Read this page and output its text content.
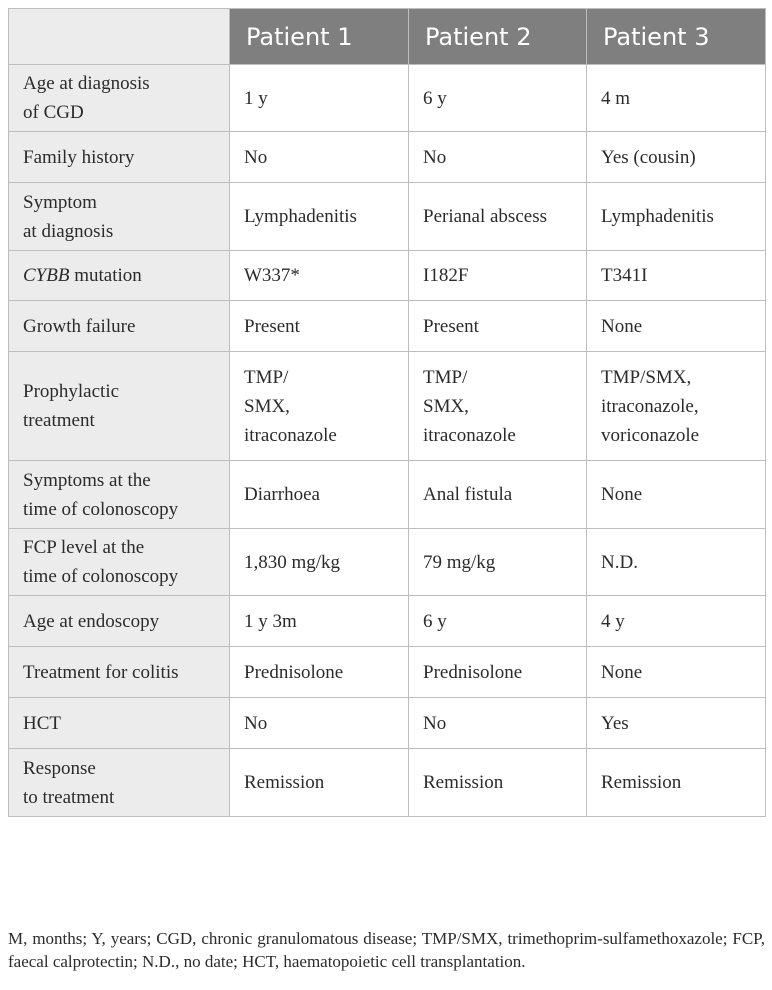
	Patient 1	Patient 2	Patient 3
Age at diagnosis
of CGD	1 y	6 y	4 m
Family history	No	No	Yes (cousin)
Symptom
at diagnosis	Lymphadenitis	Perianal abscess	Lymphadenitis
CYBB mutation	W337*	I182F	T341I
Growth failure	Present	Present	None
Prophylactic
treatment	TMP/
SMX,
itraconazole	TMP/
SMX,
itraconazole	TMP/SMX,
itraconazole,
voriconazole
Symptoms at the
time of colonoscopy	Diarrhoea	Anal fistula	None
FCP level at the
time of colonoscopy	1,830 mg/kg	79 mg/kg	N.D.
Age at endoscopy	1 y 3m	6 y	4 y
Treatment for colitis	Prednisolone	Prednisolone	None
HCT	No	No	Yes
Response
to treatment	Remission	Remission	Remission

M, months; Y, years; CGD, chronic granulomatous disease; TMP/SMX, trimethoprim-sulfamethoxazole; FCP, faecal calprotectin; N.D., no date; HCT, haematopoietic cell transplantation.
